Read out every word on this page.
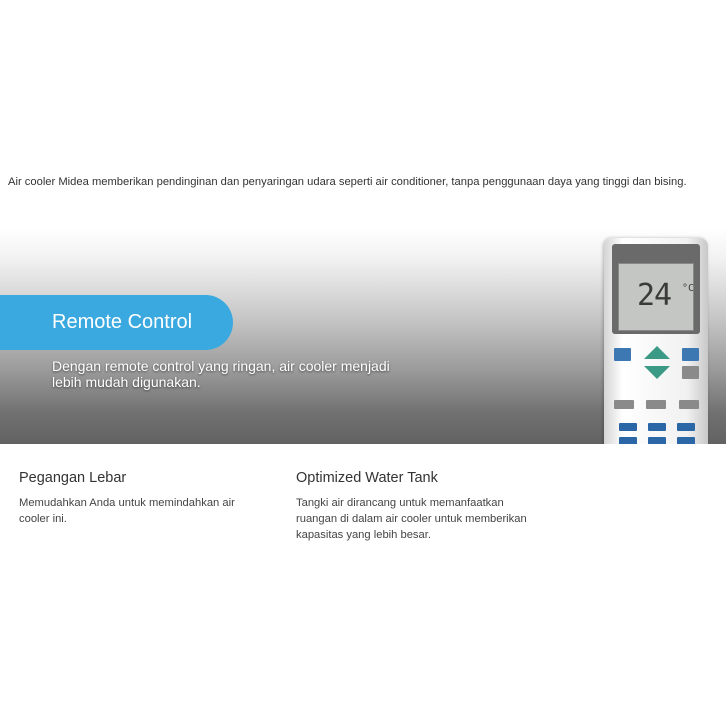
Air cooler Midea memberikan pendinginan dan penyaringan udara seperti air conditioner, tanpa penggunaan daya yang tinggi dan bising.

Remote Control

Dengan remote control yang ringan, air cooler menjadi lebih mudah digunakan.

24 °C
Pegangan Lebar

Memudahkan Anda untuk memindahkan air cooler ini.

Optimized Water Tank

Tangki air dirancang untuk memanfaatkan ruangan di dalam air cooler untuk memberikan kapasitas yang lebih besar.
